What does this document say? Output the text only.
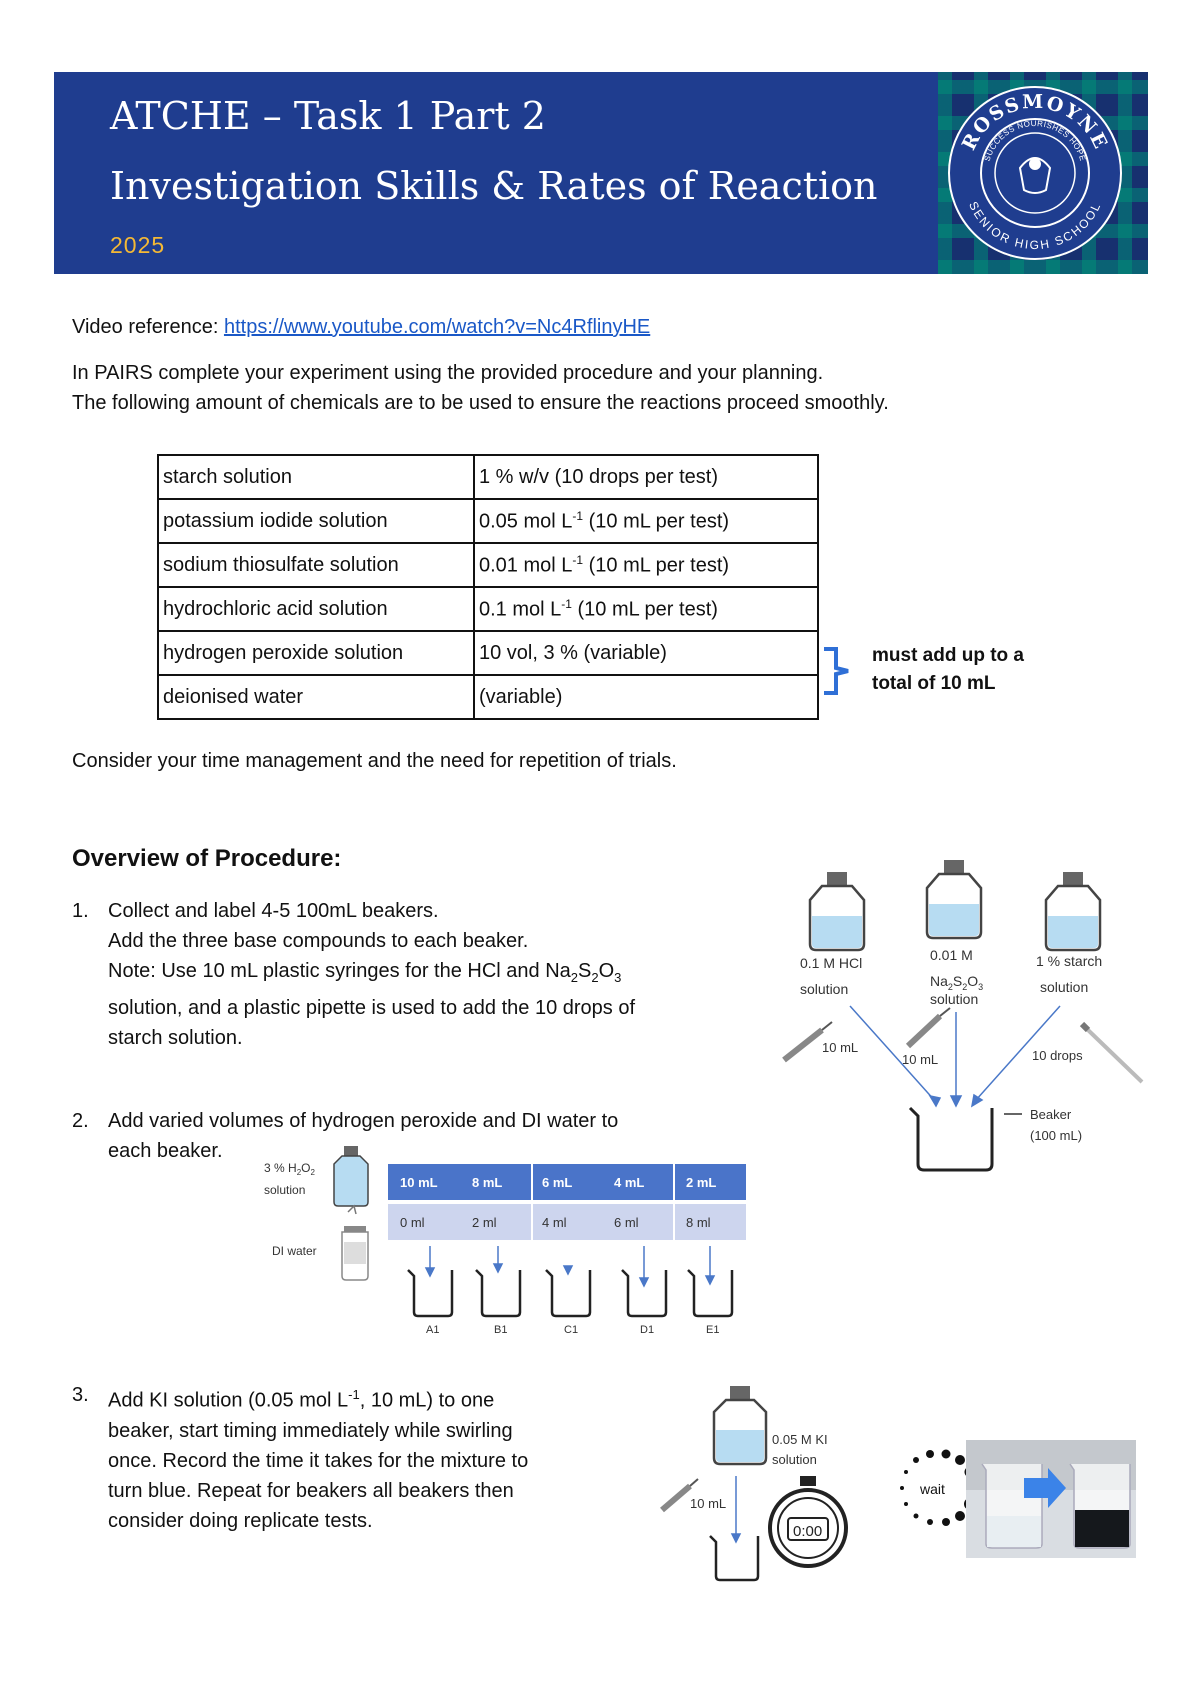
ATCHE – Task 1 Part 2
Investigation Skills & Rates of Reaction
2025
ROSSMOYNE
SUCCESS NOURISHES HOPE
SENIOR HIGH SCHOOL
Video reference: https://www.youtube.com/watch?v=Nc4RflinyHE
In PAIRS complete your experiment using the provided procedure and your planning.
The following amount of chemicals are to be used to ensure the reactions proceed smoothly.
starch solution	1 % w/v (10 drops per test)
potassium iodide solution	0.05 mol $L^{-1}$ (10 mL per test)
sodium thiosulfate solution	0.01 mol $L^{-1}$ (10 mL per test)
hydrochloric acid solution	0.1 mol $L^{-1}$ (10 mL per test)
hydrogen peroxide solution	10 vol, 3 % (variable)
deionised water	(variable)
must add up to a
total of 10 mL
Consider your time management and the need for repetition of trials.
Overview of Procedure:
1. Collect and label 4-5 100mL beakers.
Add the three base compounds to each beaker.
Note: Use 10 mL plastic syringes for the HCl and $Na_2S_2O_3$
solution, and a plastic pipette is used to add the 10 drops of
starch solution.
2. Add varied volumes of hydrogen peroxide and DI water to
each beaker.
3. Add KI solution (0.05 mol $L^{-1}$, 10 mL) to one
beaker, start timing immediately while swirling
once. Record the time it takes for the mixture to
turn blue. Repeat for beakers all beakers then
consider doing replicate tests.
0.1 M HCl
solution
0.01 M
$Na_2S_2O_3$
solution
1 % starch
solution
10 mL
10 mL	10 drops
Beaker
(100 mL)
3 % $H_2O_2$
solution
DI water
10 mL	8 mL	6 mL	4 mL	2 mL
0 ml	2 ml	4 ml	6 ml	8 ml
A1	B1	C1	D1	E1
0.05 M KI
solution
10 mL
0:00
wait
